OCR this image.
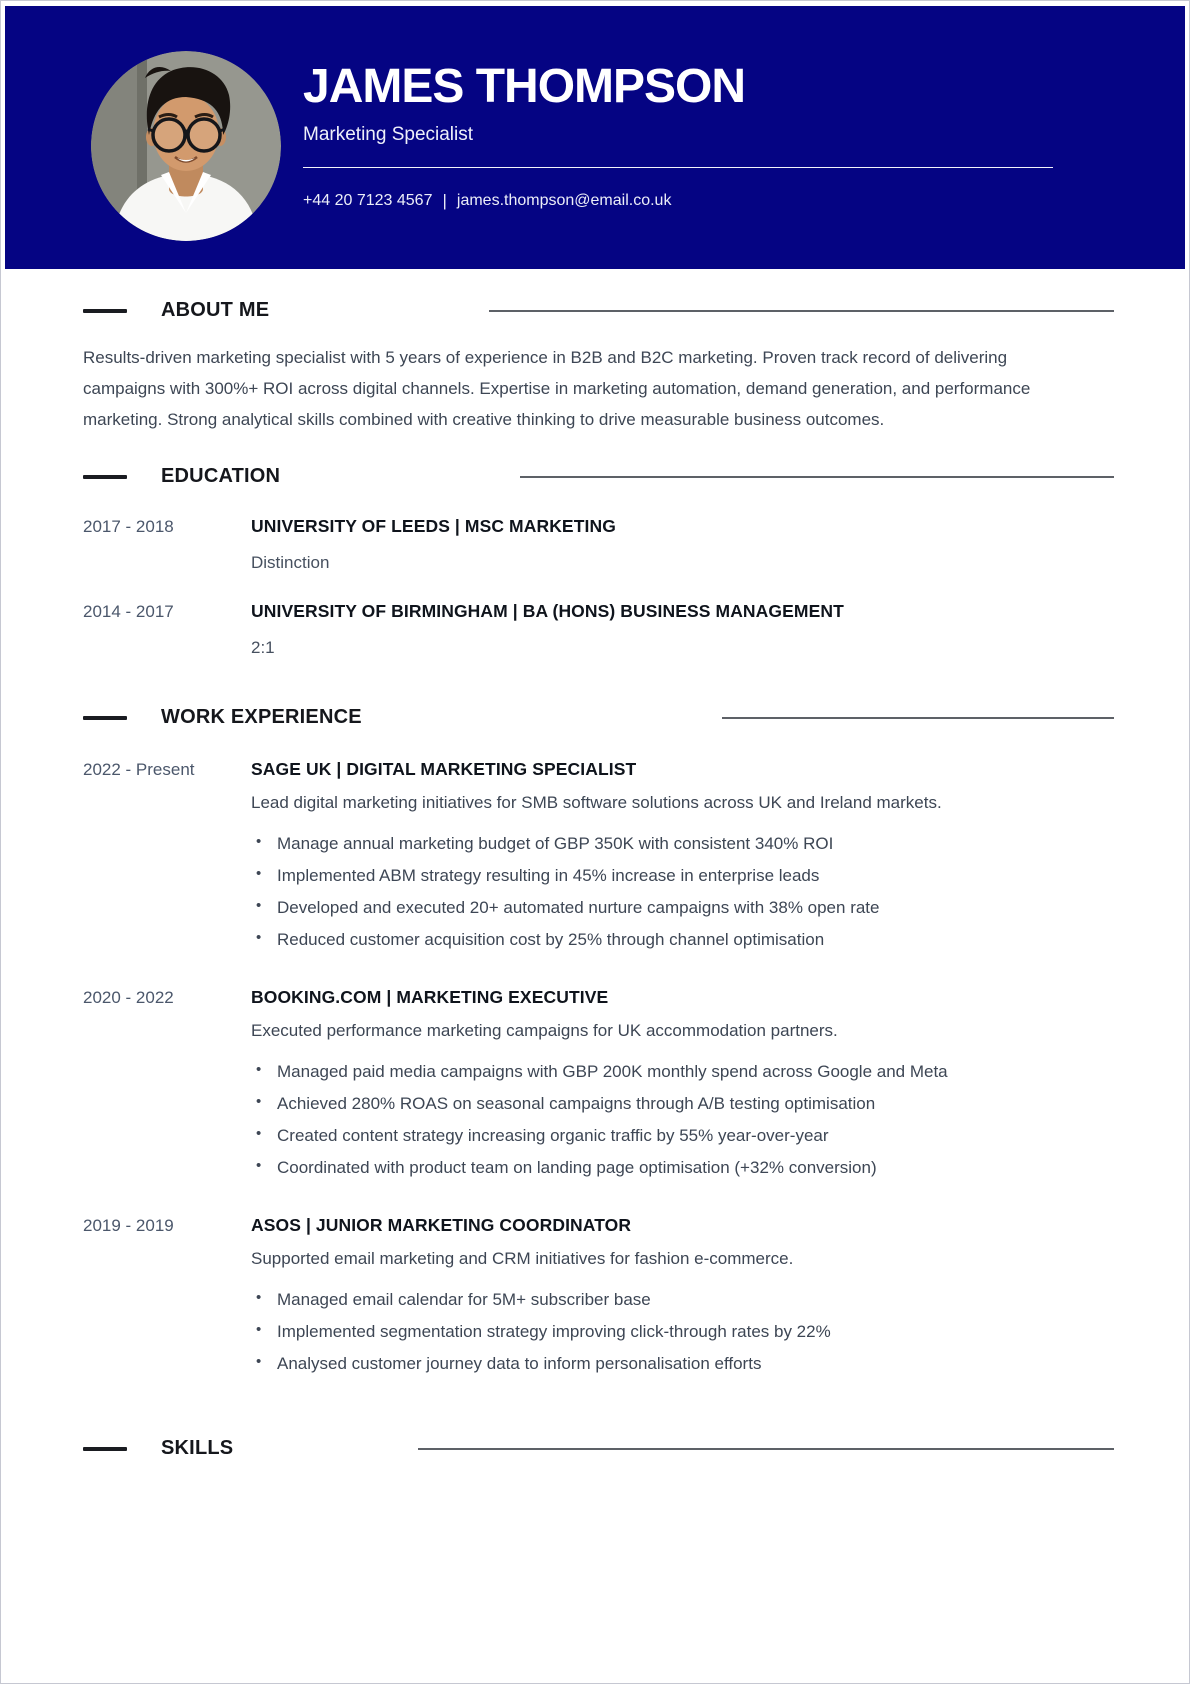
JAMES THOMPSON
Marketing Specialist
+44 20 7123 4567 | james.thompson@email.co.uk
ABOUT ME

Results-driven marketing specialist with 5 years of experience in B2B and B2C marketing. Proven track record of delivering campaigns with 300%+ ROI across digital channels. Expertise in marketing automation, demand generation, and performance marketing. Strong analytical skills combined with creative thinking to drive measurable business outcomes.

EDUCATION
2017 - 2018	UNIVERSITY OF LEEDS | MSC MARKETING
Distinction
2014 - 2017	UNIVERSITY OF BIRMINGHAM | BA (HONS) BUSINESS MANAGEMENT
2:1
WORK EXPERIENCE
2022 - Present	SAGE UK | DIGITAL MARKETING SPECIALIST
Lead digital marketing initiatives for SMB software solutions across UK and Ireland markets.
• Manage annual marketing budget of GBP 350K with consistent 340% ROI
• Implemented ABM strategy resulting in 45% increase in enterprise leads
• Developed and executed 20+ automated nurture campaigns with 38% open rate
• Reduced customer acquisition cost by 25% through channel optimisation
2020 - 2022	BOOKING.COM | MARKETING EXECUTIVE
Executed performance marketing campaigns for UK accommodation partners.
• Managed paid media campaigns with GBP 200K monthly spend across Google and Meta
• Achieved 280% ROAS on seasonal campaigns through A/B testing optimisation
• Created content strategy increasing organic traffic by 55% year-over-year
• Coordinated with product team on landing page optimisation (+32% conversion)
2019 - 2019	ASOS | JUNIOR MARKETING COORDINATOR
Supported email marketing and CRM initiatives for fashion e-commerce.
• Managed email calendar for 5M+ subscriber base
• Implemented segmentation strategy improving click-through rates by 22%
• Analysed customer journey data to inform personalisation efforts
SKILLS
